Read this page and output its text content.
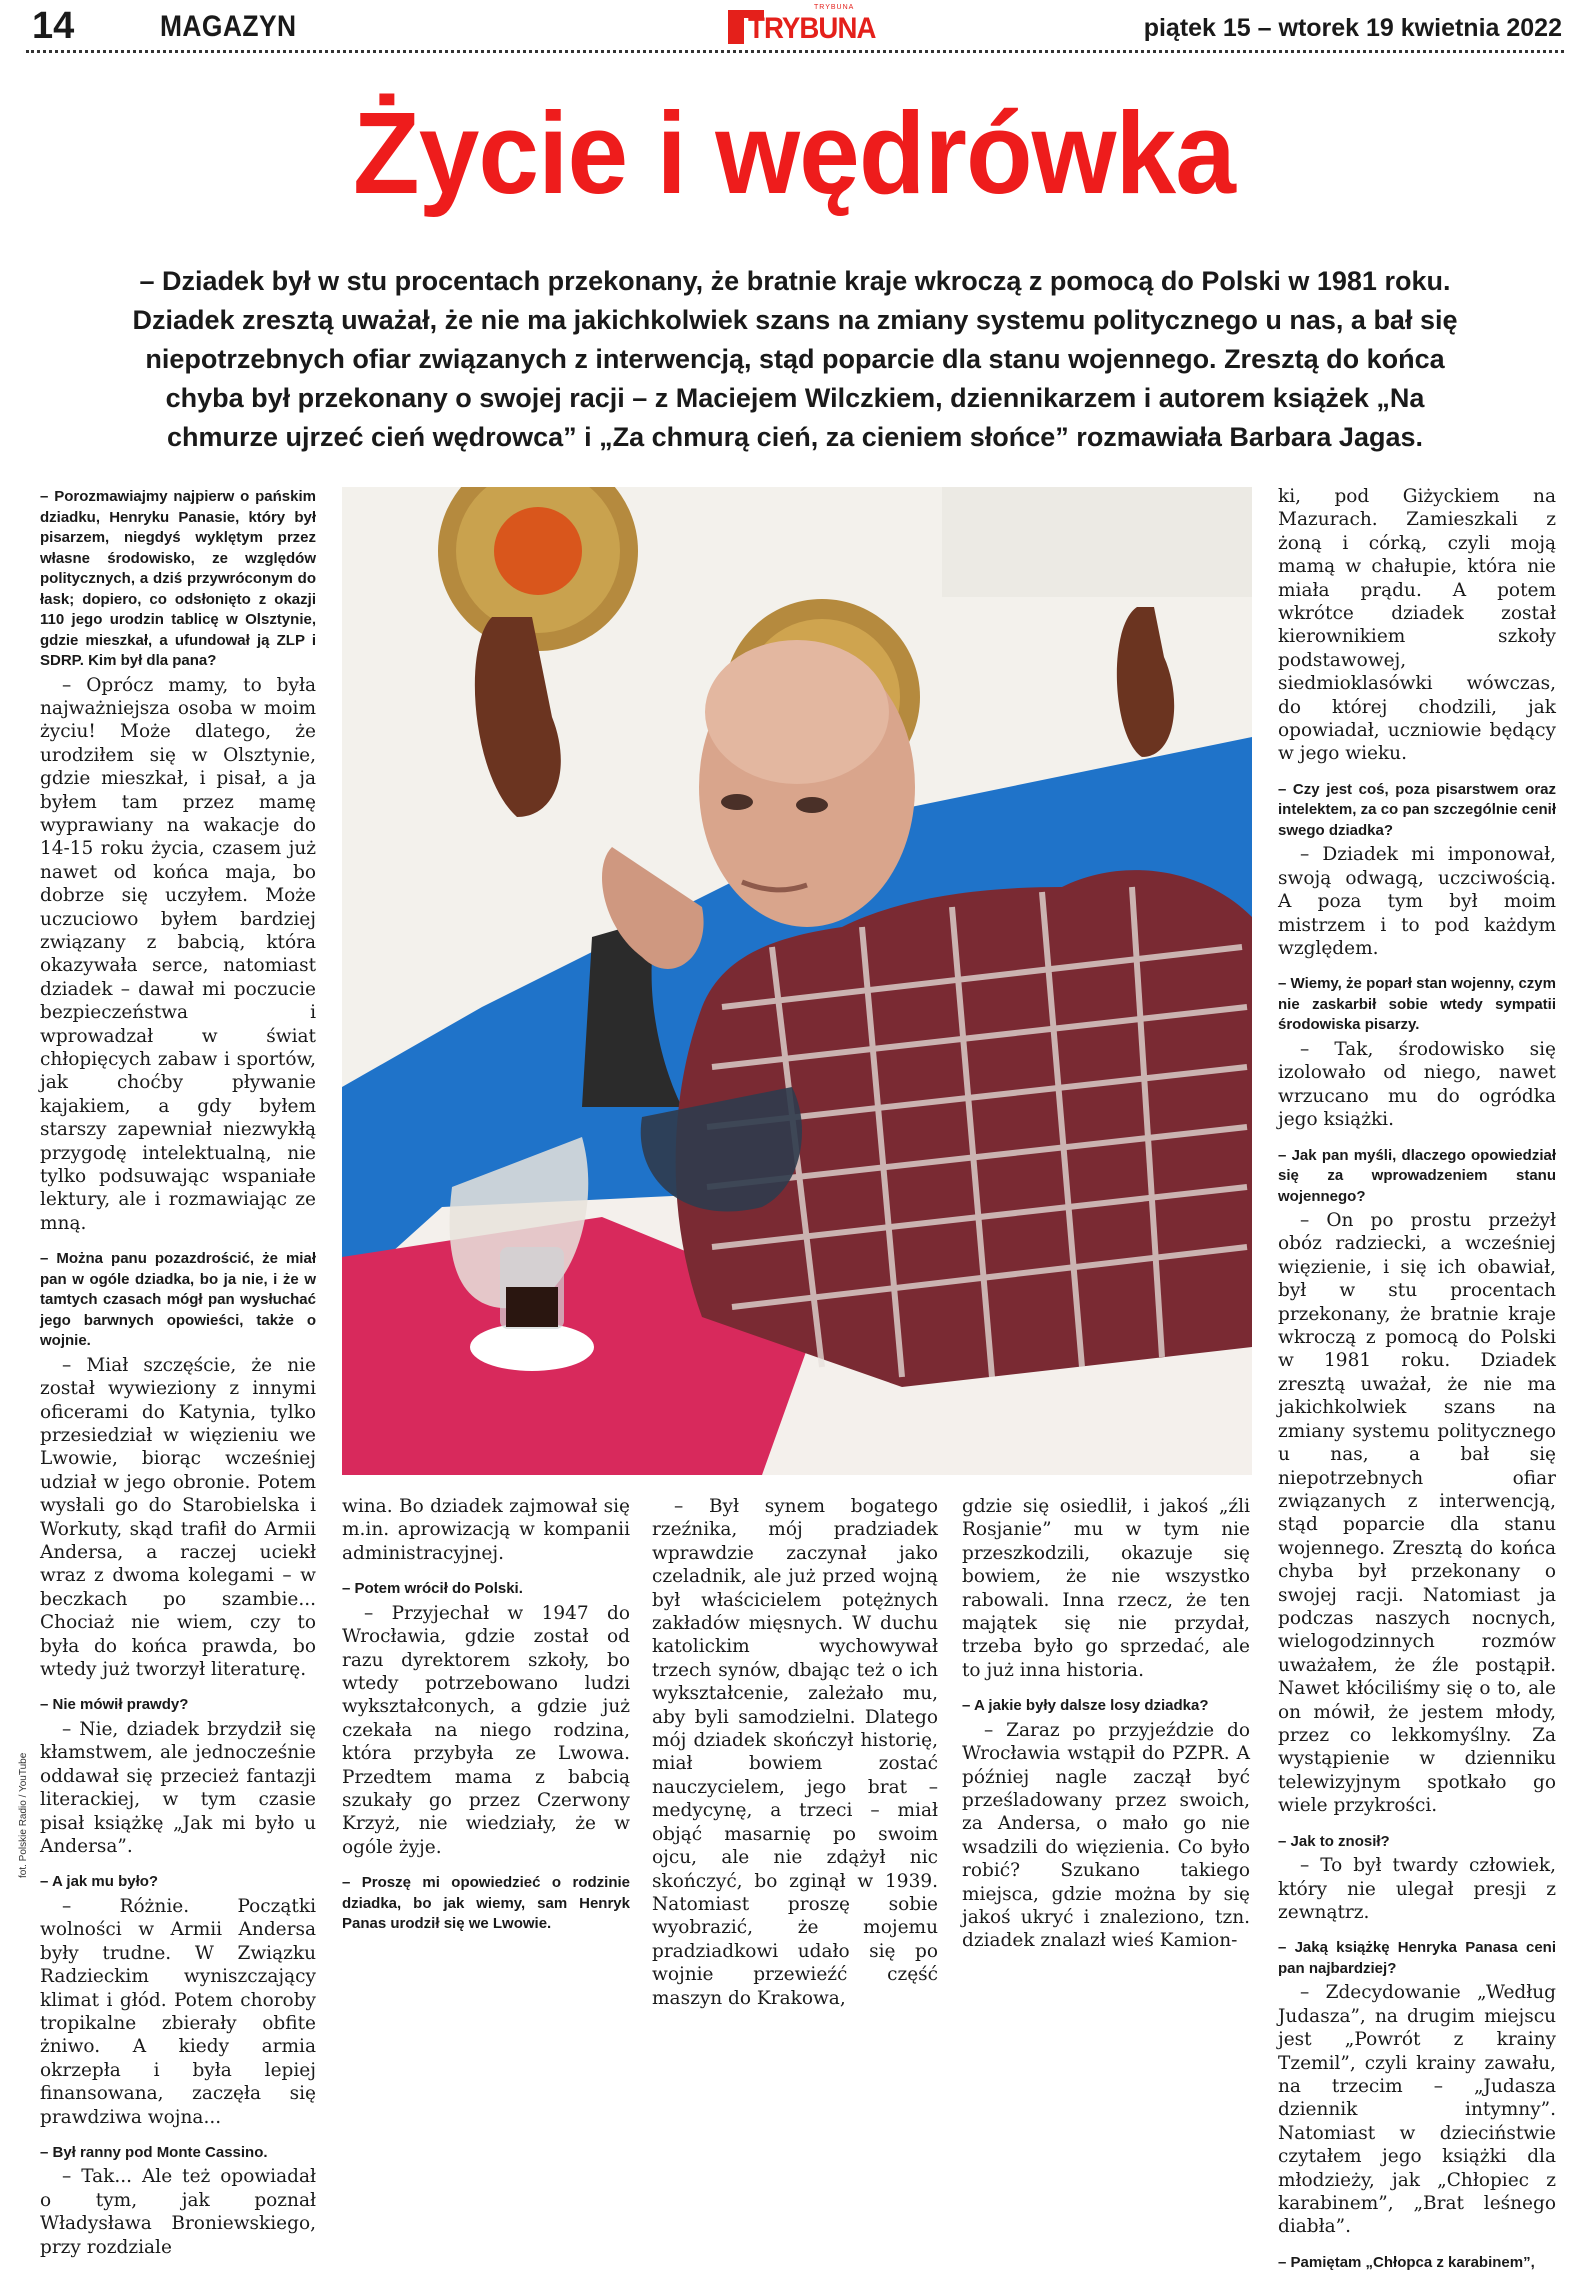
14	MAGAZYN
TRYBUNA
TRYBUNA	piątek 15 – wtorek 19 kwietnia 2022
Życie i wędrówka
– Dziadek był w stu procentach przekonany, że bratnie kraje wkroczą z pomocą do Polski w 1981 roku. Dziadek zresztą uważał, że nie ma jakichkolwiek szans na zmiany systemu politycznego u nas, a bał się niepotrzebnych ofiar związanych z interwencją, stąd poparcie dla stanu wojennego. Zresztą do końca chyba był przekonany o swojej racji – z Maciejem Wilczkiem, dziennikarzem i autorem książek „Na chmurze ujrzeć cień wędrowca” i „Za chmurą cień, za cieniem słońce” rozmawiała Barbara Jagas.
fot. Polskie Radio / YouTube

– Porozmawiajmy najpierw o pańskim dziadku, Henryku Panasie, który był pisarzem, niegdyś wyklętym przez własne środowisko, ze względów politycznych, a dziś przywróconym do łask; dopiero, co odsłonięto z okazji 110 jego urodzin tablicę w Olsztynie, gdzie mieszkał, a ufundował ją ZLP i SDRP. Kim był dla pana?

– Oprócz mamy, to była najważniejsza osoba w moim życiu! Może dlatego, że urodziłem się w Olsztynie, gdzie mieszkał, i pisał, a ja byłem tam przez mamę wyprawiany na wakacje do 14-15 roku życia, czasem już nawet od końca maja, bo dobrze się uczyłem. Może uczuciowo byłem bardziej związany z babcią, która okazywała serce, natomiast dziadek – dawał mi poczucie bezpieczeństwa i wprowadzał w świat chłopięcych zabaw i sportów, jak choćby pływanie kajakiem, a gdy byłem starszy zapewniał niezwykłą przygodę intelektualną, nie tylko podsuwając wspaniałe lektury, ale i rozmawiając ze mną.

– Można panu pozazdrościć, że miał pan w ogóle dziadka, bo ja nie, i że w tamtych czasach mógł pan wysłuchać jego barwnych opowieści, także o wojnie.

– Miał szczęście, że nie został wywieziony z innymi oficerami do Katynia, tylko przesiedział w więzieniu we Lwowie, biorąc wcześniej udział w jego obronie. Potem wysłali go do Starobielska i Workuty, skąd trafił do Armii Andersa, a raczej uciekł wraz z dwoma kolegami – w beczkach po szambie... Chociaż nie wiem, czy to była do końca prawda, bo wtedy już tworzył literaturę.

– Nie mówił prawdy?

– Nie, dziadek brzydził się kłamstwem, ale jednocześnie oddawał się przecież fantazji literackiej, w tym czasie pisał książkę „Jak mi było u Andersa”.

– A jak mu było?

– Różnie. Początki wolności w Armii Andersa były trudne. W Związku Radzieckim wyniszczający klimat i głód. Potem choroby tropikalne zbierały obfite żniwo. A kiedy armia okrzepła i była lepiej finansowana, zaczęła się prawdziwa wojna...

– Był ranny pod Monte Cassino.

– Tak... Ale też opowiadał o tym, jak poznał Władysława Broniewskiego, przy rozdziale

wina. Bo dziadek zajmował się m.in. aprowizacją w kompanii administracyjnej.

– Potem wrócił do Polski.

– Przyjechał w 1947 do Wrocławia, gdzie został od razu dyrektorem szkoły, bo wtedy potrzebowano ludzi wykształconych, a gdzie już czekała na niego rodzina, która przybyła ze Lwowa. Przedtem mama z babcią szukały go przez Czerwony Krzyż, nie wiedziały, że w ogóle żyje.

– Proszę mi opowiedzieć o rodzinie dziadka, bo jak wiemy, sam Henryk Panas urodził się we Lwowie.

– Był synem bogatego rzeźnika, mój pradziadek wprawdzie zaczynał jako czeladnik, ale już przed wojną był właścicielem potężnych zakładów mięsnych. W duchu katolickim wychowywał trzech synów, dbając też o ich wykształcenie, zależało mu, aby byli samodzielni. Dlatego mój dziadek skończył historię, miał bowiem zostać nauczycielem, jego brat – medycynę, a trzeci – miał objąć masarnię po swoim ojcu, ale nie zdążył nic skończyć, bo zginął w 1939. Natomiast proszę sobie wyobrazić, że mojemu pradziadkowi udało się po wojnie przewieźć część maszyn do Krakowa,

gdzie się osiedlił, i jakoś „źli Rosjanie” mu w tym nie przeszkodzili, okazuje się bowiem, że nie wszystko rabowali. Inna rzecz, że ten majątek się nie przydał, trzeba było go sprzedać, ale to już inna historia.

– A jakie były dalsze losy dziadka?

– Zaraz po przyjeździe do Wrocławia wstąpił do PZPR. A później nagle zaczął być prześladowany przez swoich, za Andersa, o mało go nie wsadzili do więzienia. Co było robić? Szukano takiego miejsca, gdzie można by się jakoś ukryć i znaleziono, tzn. dziadek znalazł wieś Kamion-

ki, pod Giżyckiem na Mazurach. Zamieszkali z żoną i córką, czyli moją mamą w chałupie, która nie miała prądu. A potem wkrótce dziadek został kierownikiem szkoły podstawowej, siedmioklasówki wówczas, do której chodzili, jak opowiadał, uczniowie będący w jego wieku.

– Czy jest coś, poza pisarstwem oraz intelektem, za co pan szczególnie cenił swego dziadka?

– Dziadek mi imponował, swoją odwagą, uczciwością. A poza tym był moim mistrzem i to pod każdym względem.

– Wiemy, że poparł stan wojenny, czym nie zaskarbił sobie wtedy sympatii środowiska pisarzy.

– Tak, środowisko się izolowało od niego, nawet wrzucano mu do ogródka jego książki.

– Jak pan myśli, dlaczego opowiedział się za wprowadzeniem stanu wojennego?

– On po prostu przeżył obóz radziecki, a wcześniej więzienie, i się ich obawiał, był w stu procentach przekonany, że bratnie kraje wkroczą z pomocą do Polski w 1981 roku. Dziadek zresztą uważał, że nie ma jakichkolwiek szans na zmiany systemu politycznego u nas, a bał się niepotrzebnych ofiar związanych z interwencją, stąd poparcie dla stanu wojennego. Zresztą do końca chyba był przekonany o swojej racji. Natomiast ja podczas naszych nocnych, wielogodzinnych rozmów uważałem, że źle postąpił. Nawet kłóciliśmy się o to, ale on mówił, że jestem młody, przez co lekkomyślny. Za wystąpienie w dzienniku telewizyjnym spotkało go wiele przykrości.

– Jak to znosił?

– To był twardy człowiek, który nie ulegał presji z zewnątrz.

– Jaką książkę Henryka Panasa ceni pan najbardziej?

– Zdecydowanie „Według Judasza”, na drugim miejscu jest „Powrót z krainy Tzemil”, czyli krainy zawału, na trzecim – „Judasza dziennik intymny”. Natomiast w dzieciństwie czytałem jego książki dla młodzieży, jak „Chłopiec z karabinem”, „Brat leśnego diabła”.

– Pamiętam „Chłopca z karabinem”,
